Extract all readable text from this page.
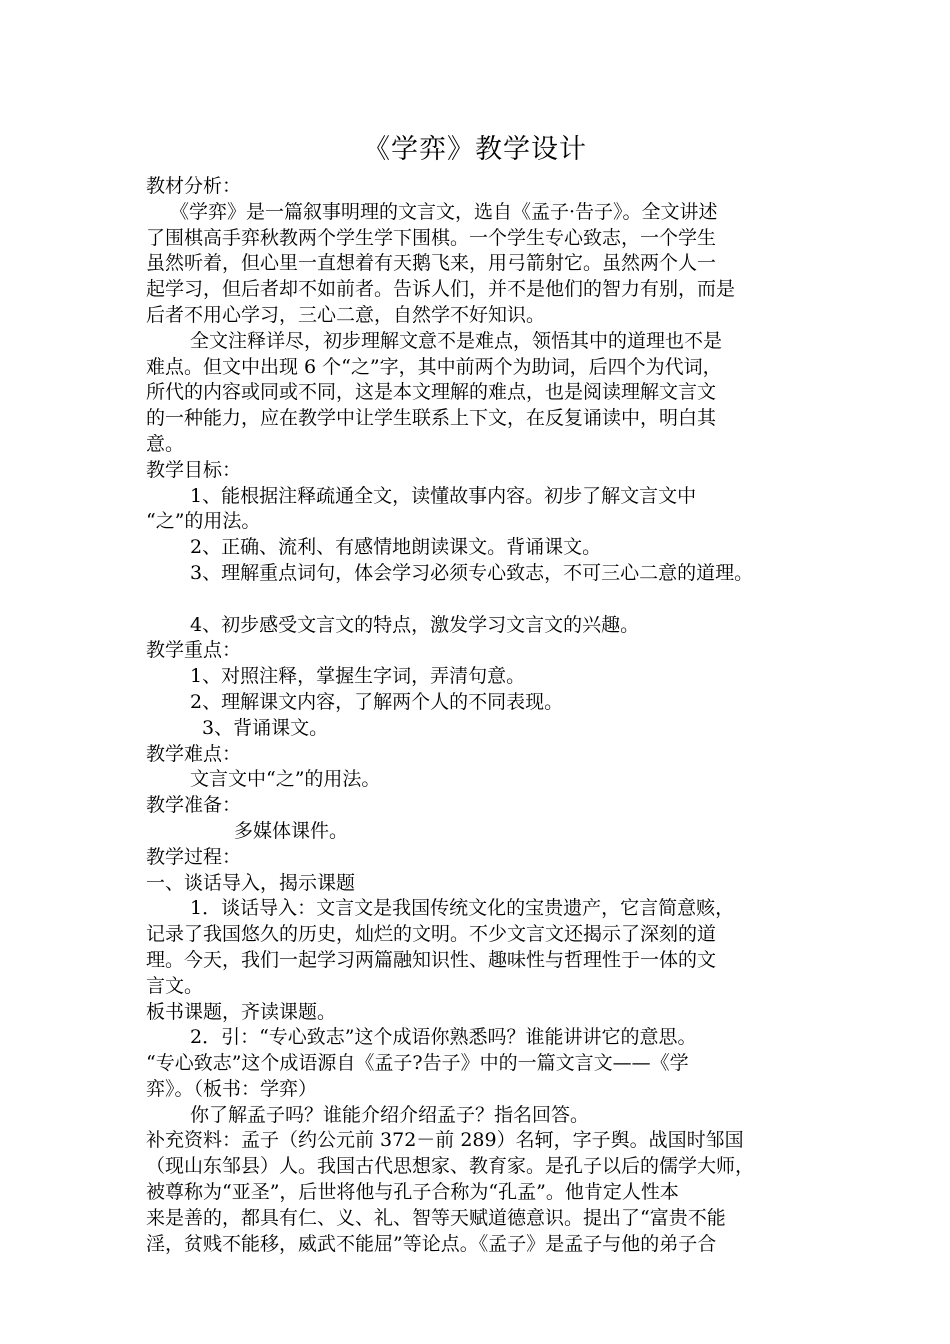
《学弈》教学设计
教材分析：
《学弈》是一篇叙事明理的文言文，选自《孟子·告子》。全文讲述
了围棋高手弈秋教两个学生学下围棋。一个学生专心致志，一个学生
虽然听着，但心里一直想着有天鹅飞来，用弓箭射它。虽然两个人一
起学习，但后者却不如前者。告诉人们，并不是他们的智力有别，而是
后者不用心学习，三心二意，自然学不好知识。
全文注释详尽，初步理解文意不是难点，领悟其中的道理也不是
难点。但文中出现 6 个“之”字，其中前两个为助词，后四个为代词，
所代的内容或同或不同，这是本文理解的难点，也是阅读理解文言文
的一种能力，应在教学中让学生联系上下文，在反复诵读中，明白其
意。
教学目标：
1、能根据注释疏通全文，读懂故事内容。初步了解文言文中
“之”的用法。
2、正确、流利、有感情地朗读课文。背诵课文。
3、理解重点词句，体会学习必须专心致志，不可三心二意的道理。
4、初步感受文言文的特点，激发学习文言文的兴趣。
教学重点：
1、对照注释，掌握生字词，弄清句意。
2、理解课文内容，了解两个人的不同表现。
3、背诵课文。
教学难点：
文言文中“之”的用法。
教学准备：
多媒体课件。
教学过程：
一、谈话导入，揭示课题
1．谈话导入：文言文是我国传统文化的宝贵遗产，它言简意赅，
记录了我国悠久的历史，灿烂的文明。不少文言文还揭示了深刻的道
理。今天，我们一起学习两篇融知识性、趣味性与哲理性于一体的文
言文。
板书课题，齐读课题。
2．引：“专心致志”这个成语你熟悉吗？谁能讲讲它的意思。
“专心致志”这个成语源自《孟子?告子》中的一篇文言文——《学
弈》。（板书：学弈）
你了解孟子吗？谁能介绍介绍孟子？指名回答。
补充资料：孟子（约公元前 372－前 289）名轲，字子舆。战国时邹国
（现山东邹县）人。我国古代思想家、教育家。是孔子以后的儒学大师，
被尊称为“亚圣”，后世将他与孔子合称为“孔孟”。他肯定人性本
来是善的，都具有仁、义、礼、智等天赋道德意识。提出了“富贵不能
淫，贫贱不能移，威武不能屈”等论点。《孟子》是孟子与他的弟子合
